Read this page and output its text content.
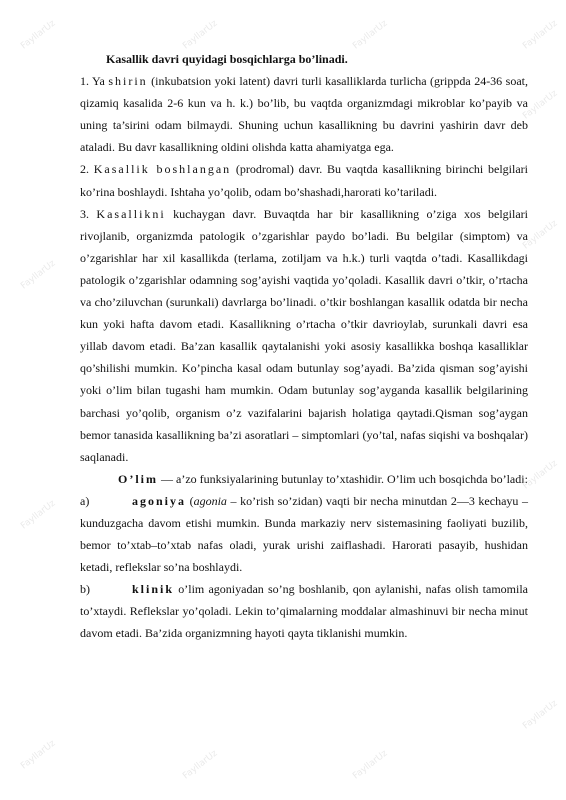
Kasallik davri quyidagi bosqichlarga bo’linadi.

1. Ya shirin (inkubatsion yoki latent) davri turli kasalliklarda turlicha (grippda 24-36 soat, qizamiq kasalida 2-6 kun va h. k.) bo’lib, bu vaqtda organizmdagi mikroblar ko’payib va uning ta’sirini odam bilmaydi. Shuning uchun kasallikning bu davrini yashirin davr deb ataladi. Bu davr kasallikning oldini olishda katta ahamiyatga ega.

2. Kasallik boshlangan (prodromal) davr. Bu vaqtda kasallikning birinchi belgilari ko’rina boshlaydi. Ishtaha yo’qolib, odam bo’shashadi,harorati ko’tariladi.

3. Kasallikni kuchaygan davr. Buvaqtda har bir kasallikning o’ziga xos belgilari rivojlanib, organizmda patologik o’zgarishlar paydo bo’ladi. Bu belgilar (simptom) va o’zgarishlar har xil kasallikda (terlama, zotiljam va h.k.) turli vaqtda o’tadi. Kasallikdagi patologik o’zgarishlar odamning sog’ayishi vaqtida yo’qoladi. Kasallik davri o’tkir, o’rtacha va cho’ziluvchan (surunkali) davrlarga bo’linadi. o’tkir boshlangan kasallik odatda bir necha kun yoki hafta davom etadi. Kasallikning o’rtacha o’tkir davrioylab, surunkali davri esa yillab davom etadi. Ba’zan kasallik qaytalanishi yoki asosiy kasallikka boshqa kasalliklar qo’shilishi mumkin. Ko’pincha kasal odam butunlay sog’ayadi. Ba’zida qisman sog’ayishi yoki o’lim bilan tugashi ham mumkin. Odam butunlay sog’ayganda kasallik belgilarining barchasi yo’qolib, organism o’z vazifalarini bajarish holatiga qaytadi.Qisman sog’aygan bemor tanasida kasallikning ba’zi asoratlari – simptomlari (yo’tal, nafas siqishi va boshqalar) saqlanadi.

O’lim — a’zo funksiyalarining butunlay to’xtashidir. O’lim uch bosqichda bo’ladi:

a)	agoniya (agonia – ko’rish so’zidan) vaqti bir necha minutdan 2—3 kechayu – kunduzgacha davom etishi mumkin. Bunda markaziy nerv sistemasining faoliyati buzilib, bemor to’xtab–to’xtab nafas oladi, yurak urishi zaiflashadi. Harorati pasayib, hushidan ketadi, reflekslar so’na boshlaydi.

b)	klinik o’lim agoniyadan so’ng boshlanib, qon aylanishi, nafas olish tamomila to’xtaydi. Reflekslar yo’qoladi. Lekin to’qimalarning moddalar almashinuvi bir necha minut davom etadi. Ba’zida organizmning hayoti qayta tiklanishi mumkin.

FayllarUz
FayllarUz
FayllarUz
FayllarUz
FayllarUz
FayllarUz
FayllarUz
FayllarUz
FayllarUz
FayllarUz	FayllarUz
FayllarUz	FayllarUz
